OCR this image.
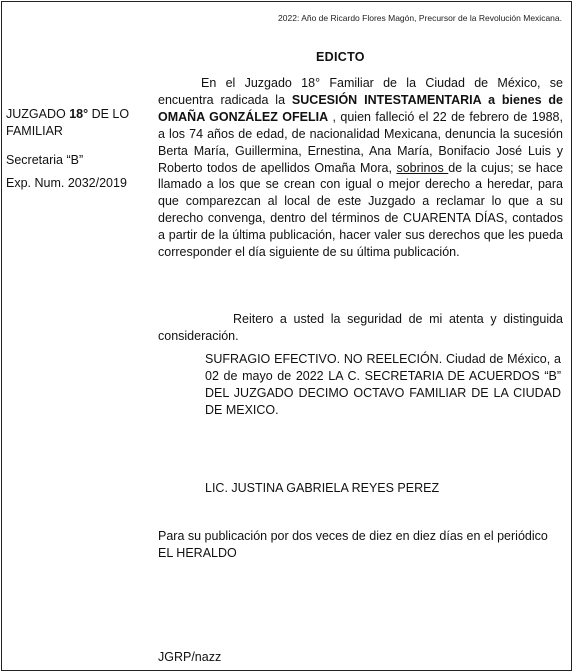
2022: Año de Ricardo Flores Magón, Precursor de la Revolución Mexicana.
EDICTO
JUZGADO 18° DE LO FAMILIAR
Secretaria “B”
Exp. Num. 2032/2019
En el Juzgado 18° Familiar de la Ciudad de México, se encuentra radicada la SUCESIÓN INTESTAMENTARIA a bienes de OMAÑA GONZÁLEZ OFELIA , quien falleció el 22 de febrero de 1988, a los 74 años de edad, de nacionalidad Mexicana, denuncia la sucesión Berta María, Guillermina, Ernestina, Ana María, Bonifacio José Luis y Roberto todos de apellidos Omaña Mora, sobrinos de la cujus; se hace llamado a los que se crean con igual o mejor derecho a heredar, para que comparezcan al local de este Juzgado a reclamar lo que a su derecho convenga, dentro del términos de CUARENTA DÍAS, contados a partir de la última publicación, hacer valer sus derechos que les pueda corresponder el día siguiente de su última publicación.
Reitero a usted la seguridad de mi atenta y distinguida consideración.
SUFRAGIO EFECTIVO. NO REELECIÓN. Ciudad de México, a 02 de mayo de 2022 LA C. SECRETARIA DE ACUERDOS “B” DEL JUZGADO DECIMO OCTAVO FAMILIAR DE LA CIUDAD DE MEXICO.
LIC. JUSTINA GABRIELA REYES PEREZ
Para su publicación por dos veces de diez en diez días en el periódico EL HERALDO
JGRP/nazz
